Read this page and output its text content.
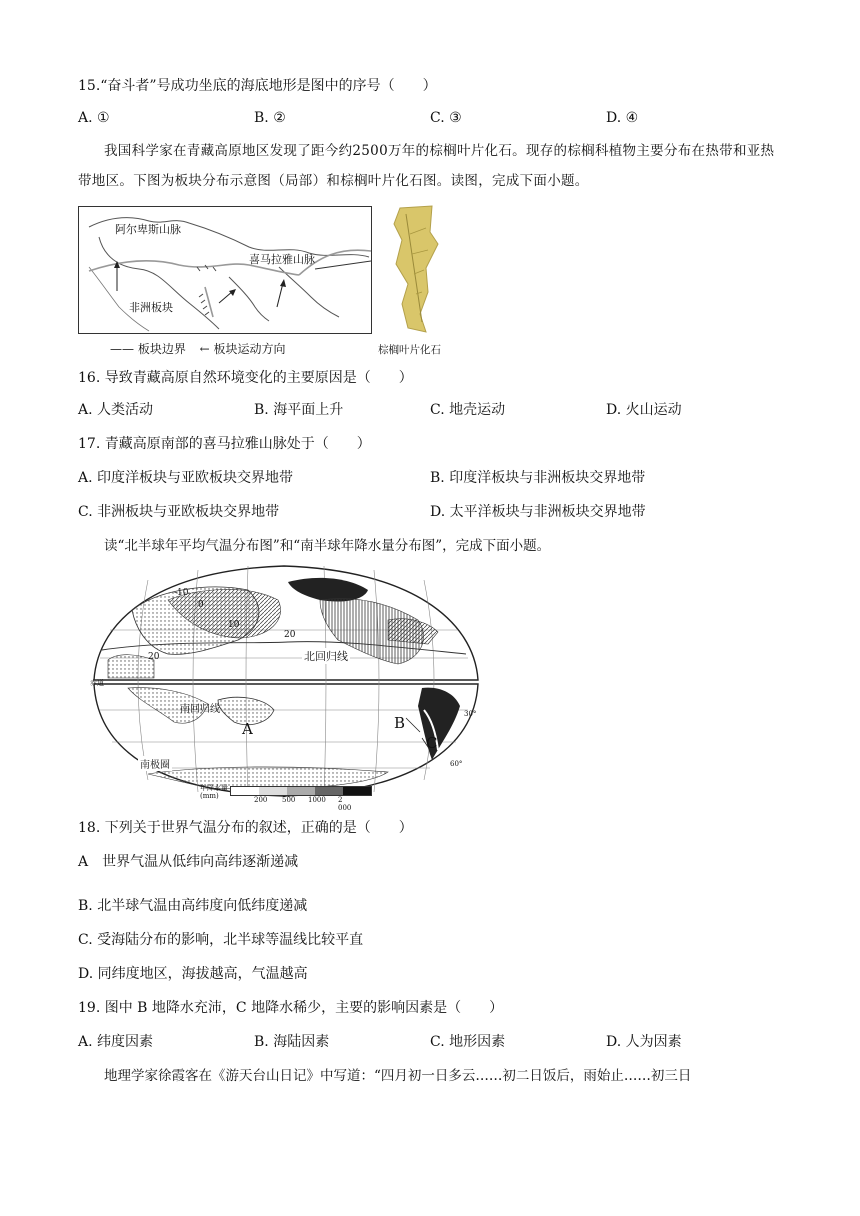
15.“奋斗者”号成功坐底的海底地形是图中的序号（　　）
A. ①	B. ②	C. ③	D. ④
我国科学家在青藏高原地区发现了距今约2500万年的棕榈叶片化石。现存的棕榈科植物主要分布在热带和亚热带地区。下图为板块分布示意图（局部）和棕榈叶片化石图。读图，完成下面小题。
阿尔卑斯山脉
喜马拉雅山脉
非洲板块
—— 板块边界 ← 板块运动方向	棕榈叶片化石
16. 导致青藏高原自然环境变化的主要原因是（　　）
A. 人类活动	B. 海平面上升	C. 地壳运动	D. 火山运动
17. 青藏高原南部的喜马拉雅山脉处于（　　）
A. 印度洋板块与亚欧板块交界地带	B. 印度洋板块与非洲板块交界地带
C. 非洲板块与亚欧板块交界地带	D. 太平洋板块与非洲板块交界地带
读“北半球年平均气温分布图”和“南半球年降水量分布图”，完成下面小题。
-10
0
10
20
20	北回归线
赤道
南回归线
A	B
C
30°
60°
南极圈
年降水量
(mm)	200 500 1000 2 000
18. 下列关于世界气温分布的叙述，正确的是（　　）
A　世界气温从低纬向高纬逐渐递减
B. 北半球气温由高纬度向低纬度递减
C. 受海陆分布的影响，北半球等温线比较平直
D. 同纬度地区，海拔越高，气温越高
19. 图中 B 地降水充沛，C 地降水稀少，主要的影响因素是（　　）
A. 纬度因素	B. 海陆因素	C. 地形因素	D. 人为因素
地理学家徐霞客在《游天台山日记》中写道：“四月初一日多云……初二日饭后，雨始止……初三日
